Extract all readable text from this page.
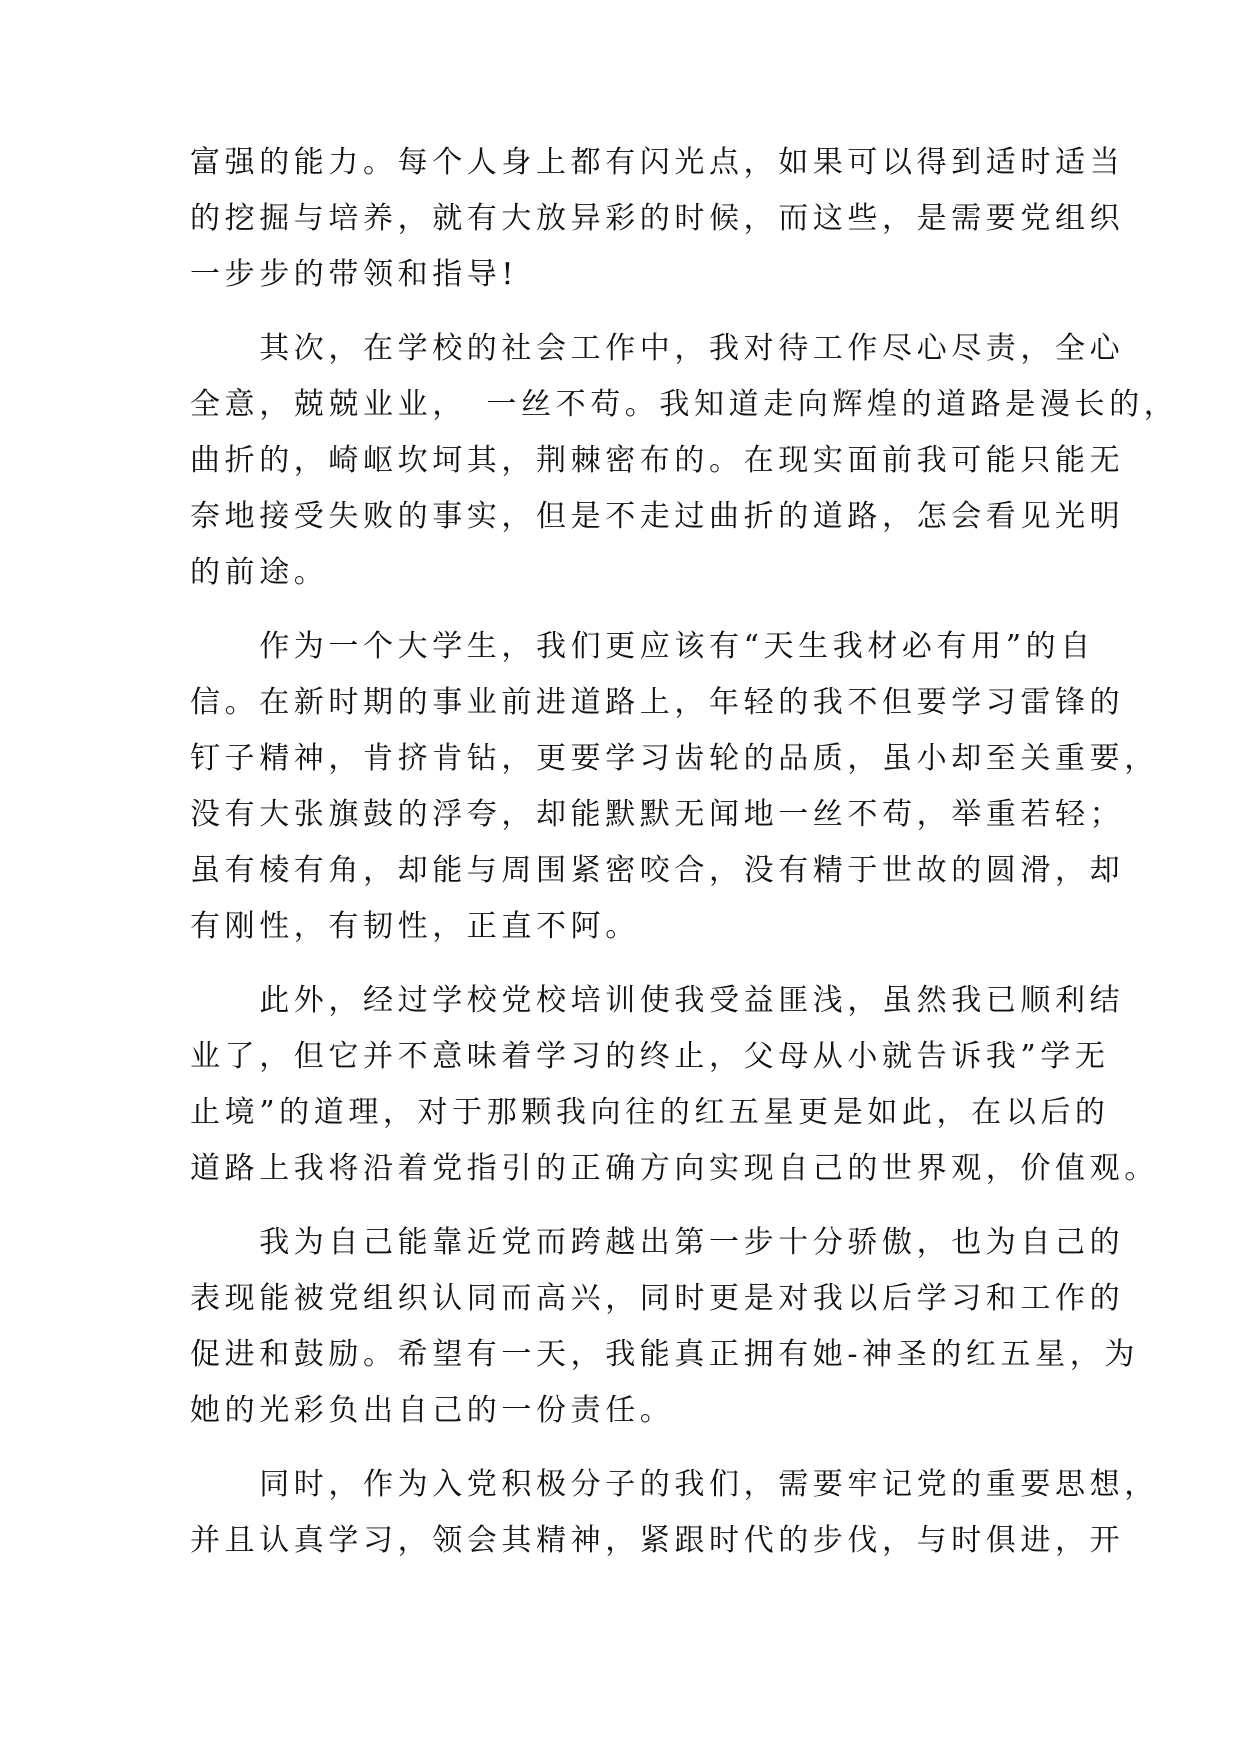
富强的能力。每个人身上都有闪光点，如果可以得到适时适当
的挖掘与培养，就有大放异彩的时候，而这些，是需要党组织
一步步的带领和指导!

　　其次，在学校的社会工作中，我对待工作尽心尽责，全心
全意，兢兢业业，　一丝不苟。我知道走向辉煌的道路是漫长的，
曲折的，崎岖坎坷其，荆棘密布的。在现实面前我可能只能无
奈地接受失败的事实，但是不走过曲折的道路，怎会看见光明
的前途。

　　作为一个大学生，我们更应该有“天生我材必有用”的自
信。在新时期的事业前进道路上，年轻的我不但要学习雷锋的
钉子精神，肯挤肯钻，更要学习齿轮的品质，虽小却至关重要，
没有大张旗鼓的浮夸，却能默默无闻地一丝不苟，举重若轻；
虽有棱有角，却能与周围紧密咬合，没有精于世故的圆滑，却
有刚性，有韧性，正直不阿。

　　此外，经过学校党校培训使我受益匪浅，虽然我已顺利结
业了，但它并不意味着学习的终止，父母从小就告诉我”学无
止境”的道理，对于那颗我向往的红五星更是如此，在以后的
道路上我将沿着党指引的正确方向实现自己的世界观，价值观。

　　我为自己能靠近党而跨越出第一步十分骄傲，也为自己的
表现能被党组织认同而高兴，同时更是对我以后学习和工作的
促进和鼓励。希望有一天，我能真正拥有她-神圣的红五星，为
她的光彩负出自己的一份责任。

　　同时，作为入党积极分子的我们，需要牢记党的重要思想，
并且认真学习，领会其精神，紧跟时代的步伐，与时俱进，开
